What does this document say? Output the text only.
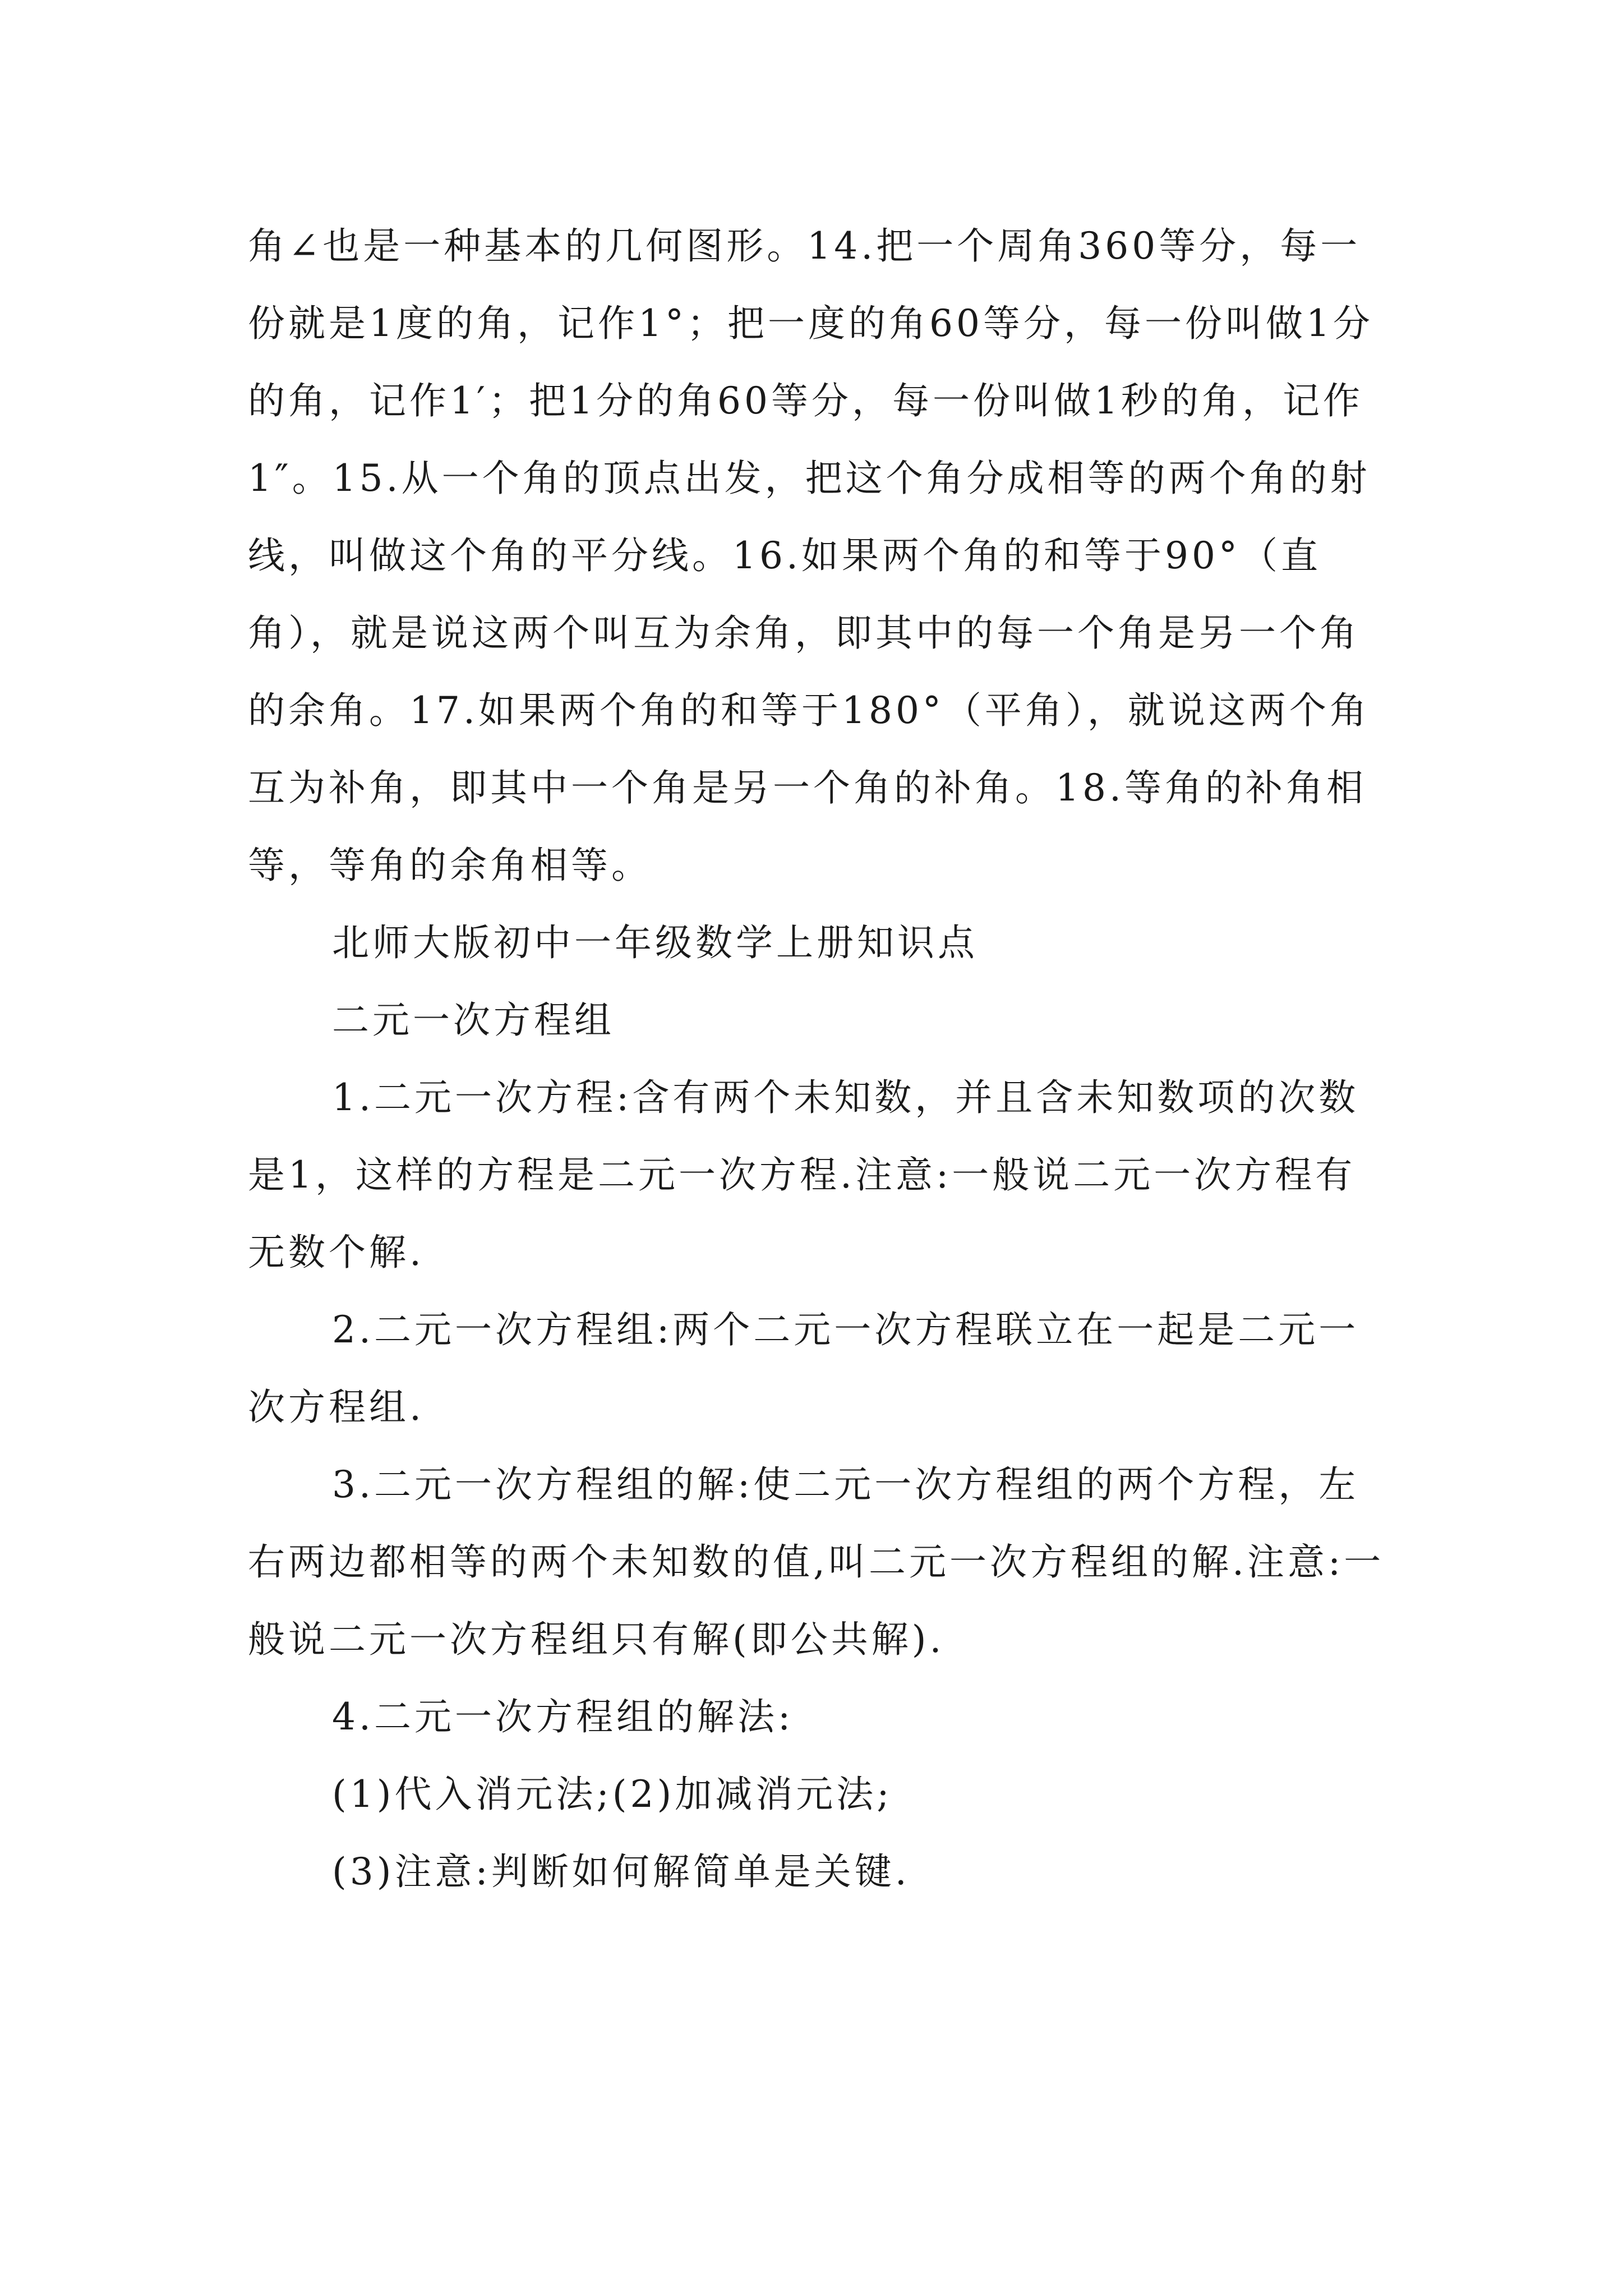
角∠也是一种基本的几何图形。14.把一个周角360等分，每一份就是1度的角，记作1°；把一度的角60等分，每一份叫做1分的角，记作1′；把1分的角60等分，每一份叫做1秒的角，记作1″。15.从一个角的顶点出发，把这个角分成相等的两个角的射线，叫做这个角的平分线。16.如果两个角的和等于90°（直角），就是说这两个叫互为余角，即其中的每一个角是另一个角的余角。17.如果两个角的和等于180°（平角），就说这两个角互为补角，即其中一个角是另一个角的补角。18.等角的补角相等，等角的余角相等。

北师大版初中一年级数学上册知识点

二元一次方程组

1.二元一次方程:含有两个未知数，并且含未知数项的次数是1，这样的方程是二元一次方程.注意:一般说二元一次方程有无数个解.

2.二元一次方程组:两个二元一次方程联立在一起是二元一次方程组.

3.二元一次方程组的解:使二元一次方程组的两个方程，左右两边都相等的两个未知数的值,叫二元一次方程组的解.注意:一般说二元一次方程组只有解(即公共解).

4.二元一次方程组的解法:

(1)代入消元法;(2)加减消元法;

(3)注意:判断如何解简单是关键.
